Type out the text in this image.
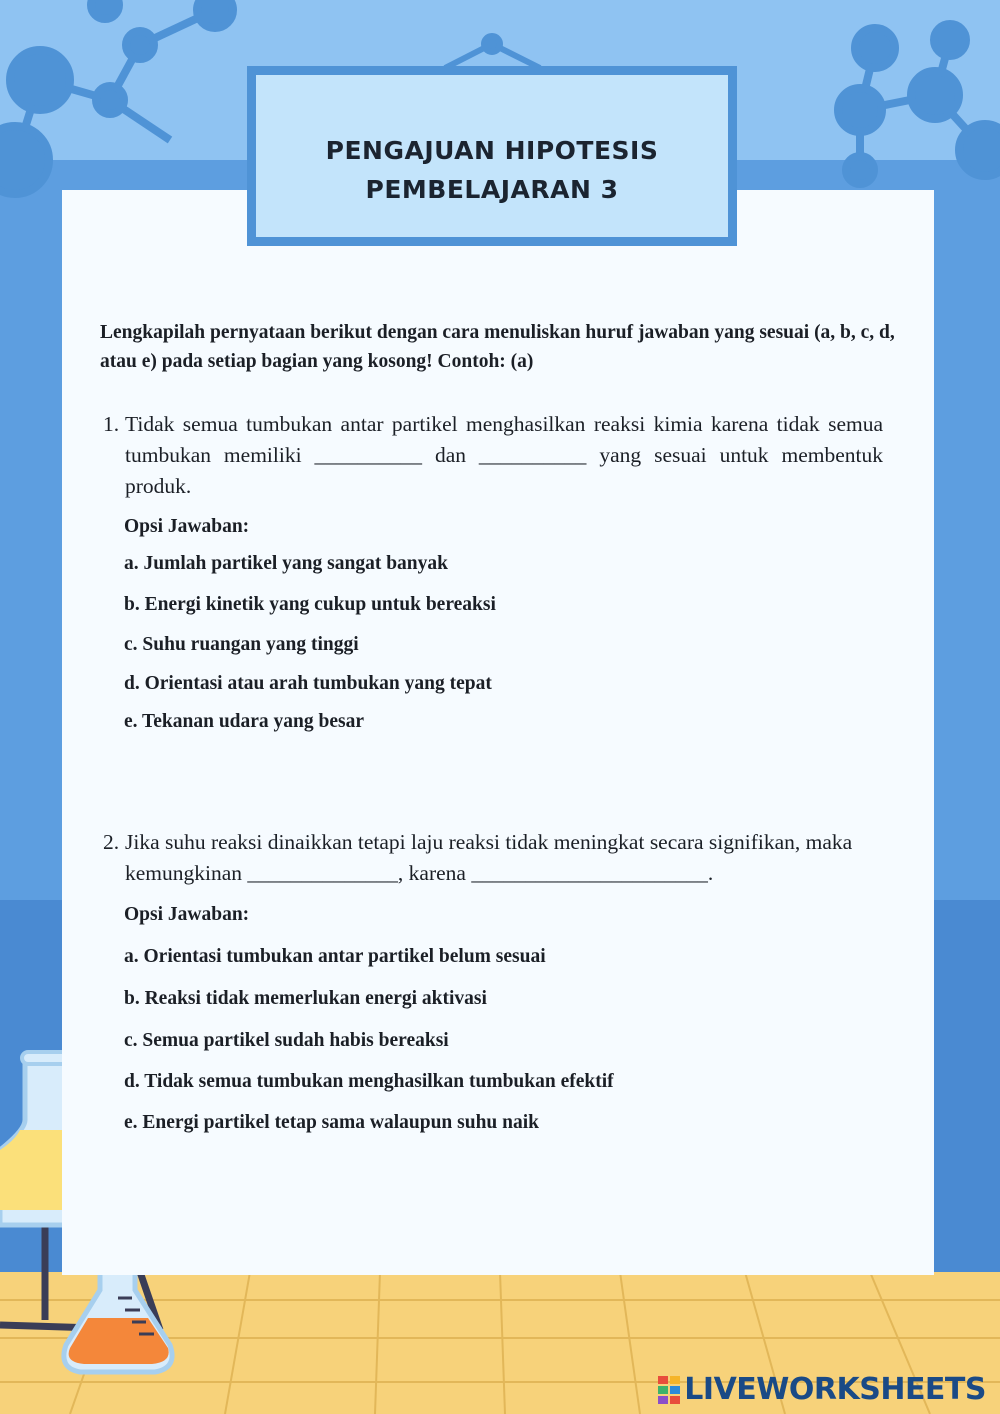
PENGAJUAN HIPOTESIS
PEMBELAJARAN 3
Lengkapilah pernyataan berikut dengan cara menuliskan huruf jawaban yang sesuai (a, b, c, d, atau e) pada setiap bagian yang kosong! Contoh: (a)
1. Tidak semua tumbukan antar partikel menghasilkan reaksi kimia karena tidak semua tumbukan memiliki __________ dan __________ yang sesuai untuk membentuk produk.
Opsi Jawaban:
a. Jumlah partikel yang sangat banyak
b. Energi kinetik yang cukup untuk bereaksi
c. Suhu ruangan yang tinggi
d. Orientasi atau arah tumbukan yang tepat
e. Tekanan udara yang besar
2. Jika suhu reaksi dinaikkan tetapi laju reaksi tidak meningkat secara signifikan, maka kemungkinan ______________, karena ______________________.
Opsi Jawaban:
a. Orientasi tumbukan antar partikel belum sesuai
b. Reaksi tidak memerlukan energi aktivasi
c. Semua partikel sudah habis bereaksi
d. Tidak semua tumbukan menghasilkan tumbukan efektif
e. Energi partikel tetap sama walaupun suhu naik
LIVEWORKSHEETS
